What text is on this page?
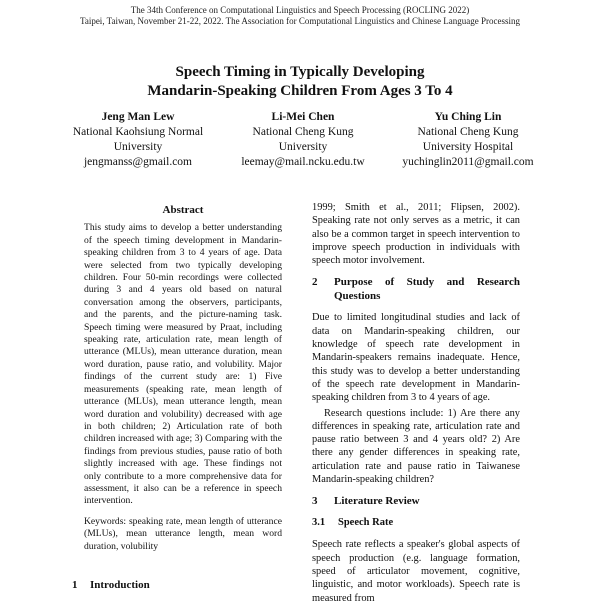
The 34th Conference on Computational Linguistics and Speech Processing (ROCLING 2022)
Taipei, Taiwan, November 21-22, 2022. The Association for Computational Linguistics and Chinese Language Processing
Speech Timing in Typically Developing
Mandarin-Speaking Children From Ages 3 To 4
Jeng Man Lew
National Kaohsiung Normal
University
jengmanss@gmail.com
Li-Mei Chen
National Cheng Kung
University
leemay@mail.ncku.edu.tw
Yu Ching Lin
National Cheng Kung
University Hospital
yuchinglin2011@gmail.com
Abstract

This study aims to develop a better understanding of the speech timing development in Mandarin-speaking children from 3 to 4 years of age. Data were selected from two typically developing children. Four 50-min recordings were collected during 3 and 4 years old based on natural conversation among the observers, participants, and the parents, and the picture-naming task. Speech timing were measured by Praat, including speaking rate, articulation rate, mean length of utterance (MLUs), mean utterance duration, mean word duration, pause ratio, and volubility. Major findings of the current study are: 1) Five measurements (speaking rate, mean length of utterance (MLUs), mean utterance length, mean word duration and volubility) decreased with age in both children; 2) Articulation rate of both children increased with age; 3) Comparing with the findings from previous studies, pause ratio of both slightly increased with age. These findings not only contribute to a more comprehensive data for assessment, it also can be a reference in speech intervention.

Keywords: speaking rate, mean length of utterance (MLUs), mean utterance length, mean word duration, volubility

1	Introduction

1999; Smith et al., 2011; Flipsen, 2002). Speaking rate not only serves as a metric, it can also be a common target in speech intervention to improve speech production in individuals with speech motor involvement.

2	Purpose of Study and Research Questions

Due to limited longitudinal studies and lack of data on Mandarin-speaking children, our knowledge of speech rate development in Mandarin-speakers remains inadequate. Hence, this study was to develop a better understanding of the speech rate development in Mandarin-speaking children from 3 to 4 years of age.

Research questions include: 1) Are there any differences in speaking rate, articulation rate and pause ratio between 3 and 4 years old? 2) Are there any gender differences in speaking rate, articulation rate and pause ratio in Taiwanese Mandarin-speaking children?

3	Literature Review
3.1	Speech Rate

Speech rate reflects a speaker's global aspects of speech production (e.g. language formation, speed of articulator movement, cognitive, linguistic, and motor workloads). Speech rate is measured from
